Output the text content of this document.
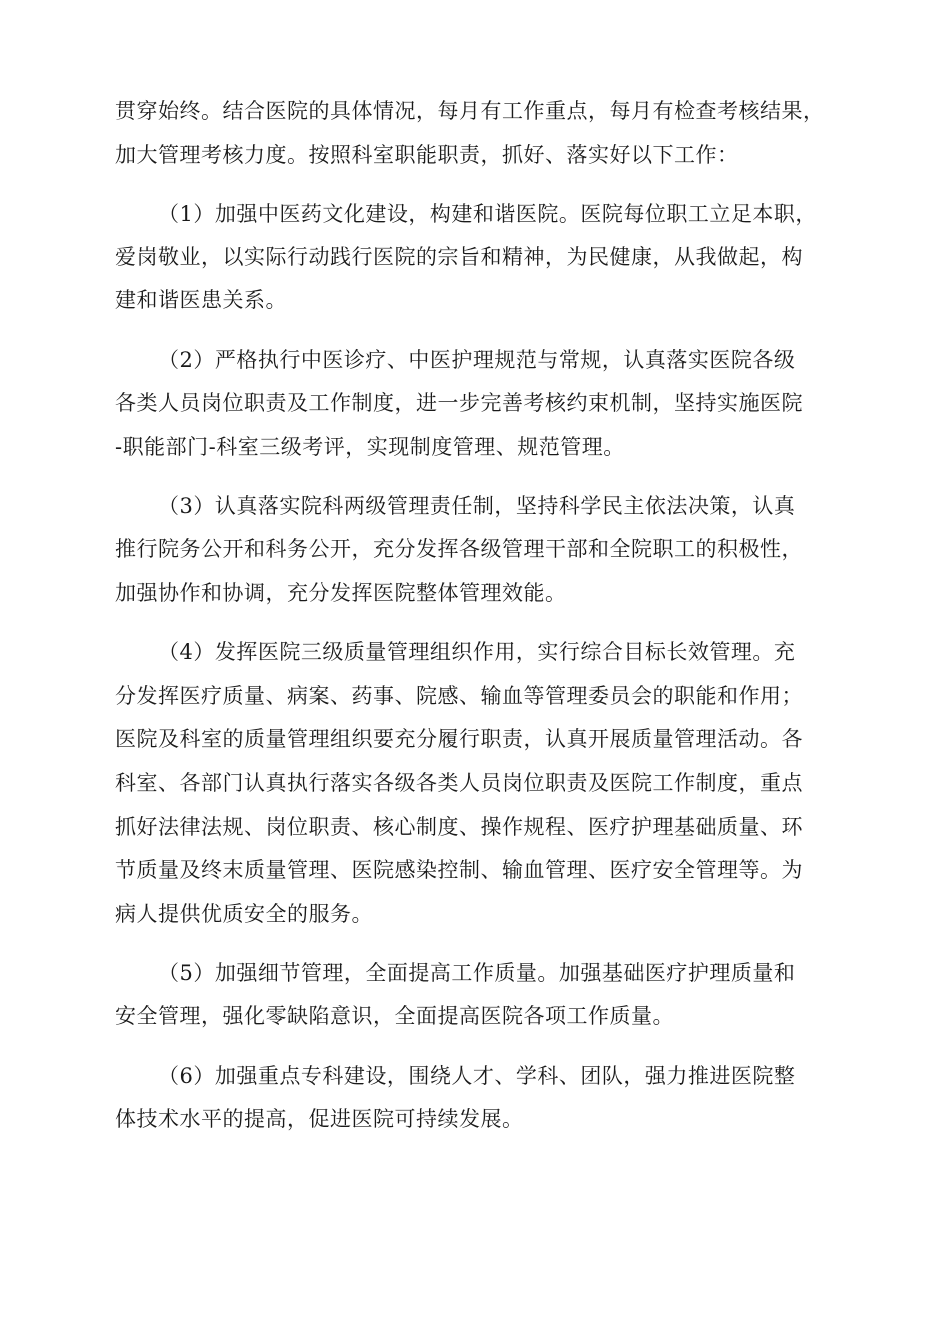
贯穿始终。结合医院的具体情况，每月有工作重点，每月有检查考核结果，
加大管理考核力度。按照科室职能职责，抓好、落实好以下工作：
（1）加强中医药文化建设，构建和谐医院。医院每位职工立足本职，
爱岗敬业，以实际行动践行医院的宗旨和精神，为民健康，从我做起，构
建和谐医患关系。
（2）严格执行中医诊疗、中医护理规范与常规，认真落实医院各级
各类人员岗位职责及工作制度，进一步完善考核约束机制，坚持实施医院
-职能部门-科室三级考评，实现制度管理、规范管理。
（3）认真落实院科两级管理责任制，坚持科学民主依法决策，认真
推行院务公开和科务公开，充分发挥各级管理干部和全院职工的积极性，
加强协作和协调，充分发挥医院整体管理效能。
（4）发挥医院三级质量管理组织作用，实行综合目标长效管理。充
分发挥医疗质量、病案、药事、院感、输血等管理委员会的职能和作用；
医院及科室的质量管理组织要充分履行职责，认真开展质量管理活动。各
科室、各部门认真执行落实各级各类人员岗位职责及医院工作制度，重点
抓好法律法规、岗位职责、核心制度、操作规程、医疗护理基础质量、环
节质量及终末质量管理、医院感染控制、输血管理、医疗安全管理等。为
病人提供优质安全的服务。
（5）加强细节管理，全面提高工作质量。加强基础医疗护理质量和
安全管理，强化零缺陷意识，全面提高医院各项工作质量。
（6）加强重点专科建设，围绕人才、学科、团队，强力推进医院整
体技术水平的提高，促进医院可持续发展。
